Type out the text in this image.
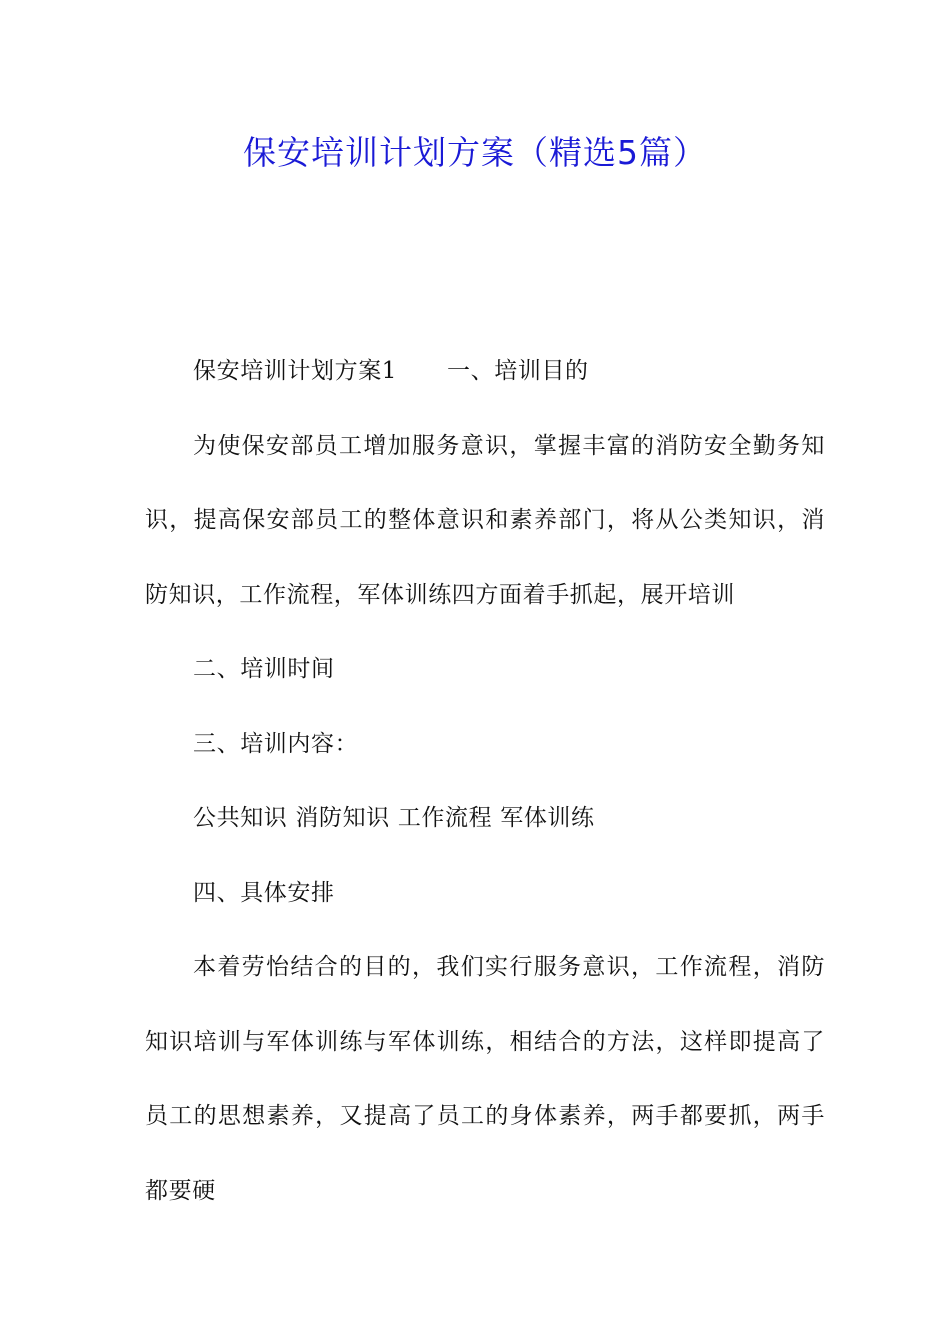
保安培训计划方案（精选5篇）

保安培训计划方案1 一、培训目的

为使保安部员工增加服务意识，掌握丰富的消防安全勤务知识，提高保安部员工的整体意识和素养部门，将从公类知识，消防知识，工作流程，军体训练四方面着手抓起，展开培训

二、培训时间

三、培训内容：

公共知识 消防知识 工作流程 军体训练

四、具体安排

本着劳怡结合的目的，我们实行服务意识，工作流程，消防知识培训与军体训练与军体训练，相结合的方法，这样即提高了员工的思想素养，又提高了员工的身体素养，两手都要抓，两手都要硬
